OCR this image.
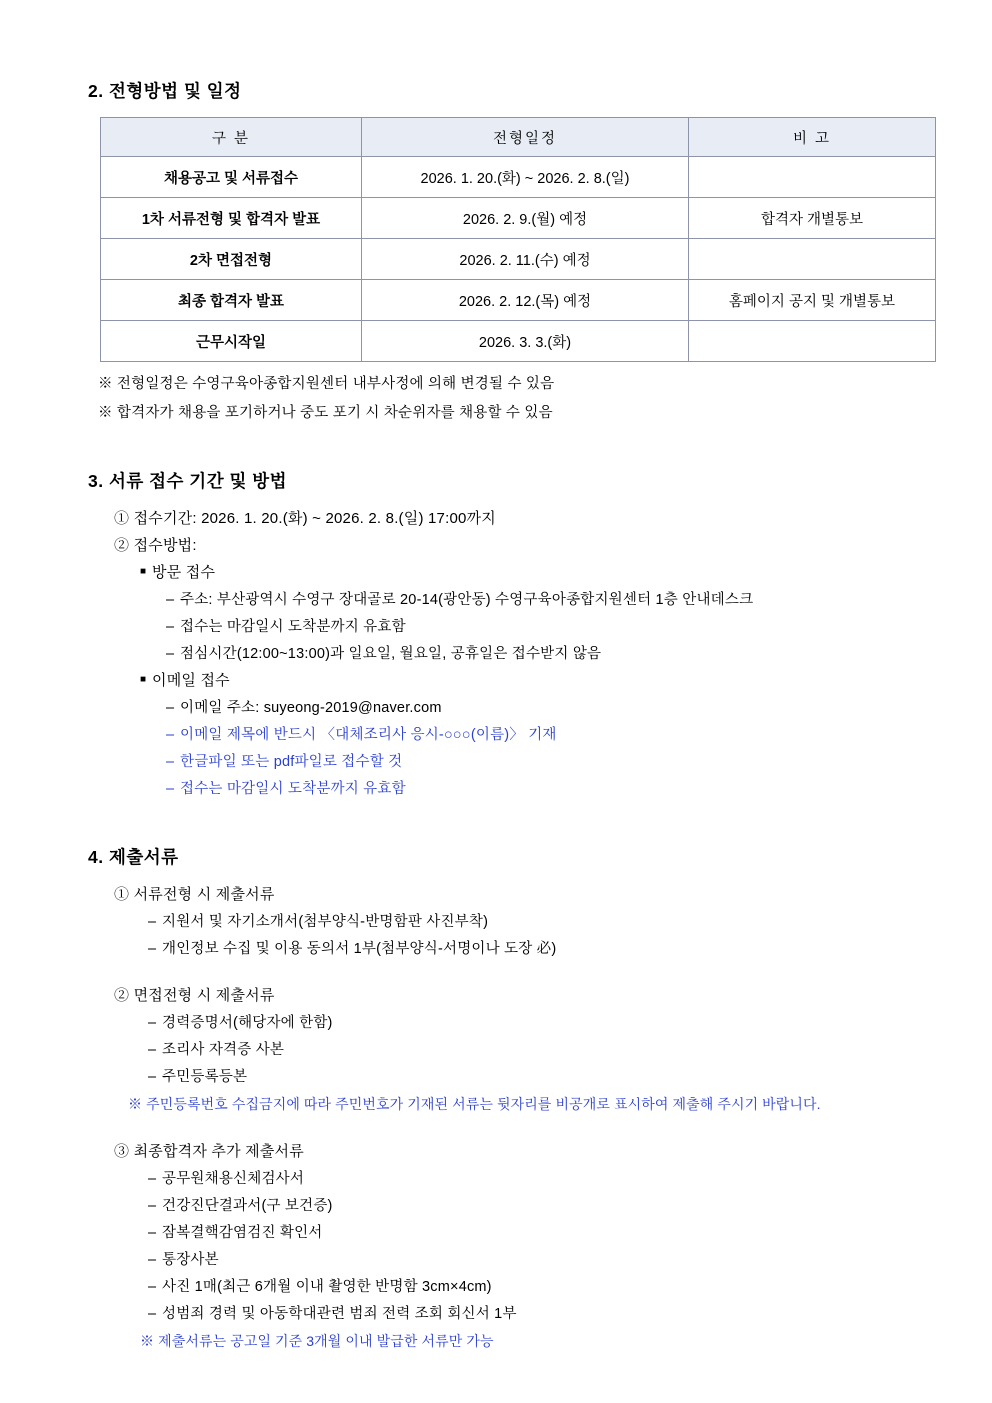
2. 전형방법 및 일정
구 분	전형일정	비 고
채용공고 및 서류접수	2026. 1. 20.(화) ~ 2026. 2. 8.(일)	
1차 서류전형 및 합격자 발표	2026. 2. 9.(월) 예정	합격자 개별통보
2차 면접전형	2026. 2. 11.(수) 예정	
최종 합격자 발표	2026. 2. 12.(목) 예정	홈페이지 공지 및 개별통보
근무시작일	2026. 3. 3.(화)	

※ 전형일정은 수영구육아종합지원센터 내부사정에 의해 변경될 수 있음

※ 합격자가 채용을 포기하거나 중도 포기 시 차순위자를 채용할 수 있음

3. 서류 접수 기간 및 방법

① 접수기간: 2026. 1. 20.(화) ~ 2026. 2. 8.(일) 17:00까지

② 접수방법:

■ 방문 접수

– 주소: 부산광역시 수영구 장대골로 20-14(광안동) 수영구육아종합지원센터 1층 안내데스크

– 접수는 마감일시 도착분까지 유효함

– 점심시간(12:00~13:00)과 일요일, 월요일, 공휴일은 접수받지 않음

■ 이메일 접수

– 이메일 주소: suyeong-2019@naver.com

– 이메일 제목에 반드시 〈대체조리사 응시-○○○(이름)〉 기재

– 한글파일 또는 pdf파일로 접수할 것

– 접수는 마감일시 도착분까지 유효함

4. 제출서류

① 서류전형 시 제출서류

– 지원서 및 자기소개서(첨부양식-반명함판 사진부착)

– 개인정보 수집 및 이용 동의서 1부(첨부양식-서명이나 도장 必)

② 면접전형 시 제출서류

– 경력증명서(해당자에 한함)

– 조리사 자격증 사본

– 주민등록등본

※ 주민등록번호 수집금지에 따라 주민번호가 기재된 서류는 뒷자리를 비공개로 표시하여 제출해 주시기 바랍니다.

③ 최종합격자 추가 제출서류

– 공무원채용신체검사서

– 건강진단결과서(구 보건증)

– 잠복결핵감염검진 확인서

– 통장사본

– 사진 1매(최근 6개월 이내 촬영한 반명함 3cm×4cm)

– 성범죄 경력 및 아동학대관련 범죄 전력 조회 회신서 1부

※ 제출서류는 공고일 기준 3개월 이내 발급한 서류만 가능
